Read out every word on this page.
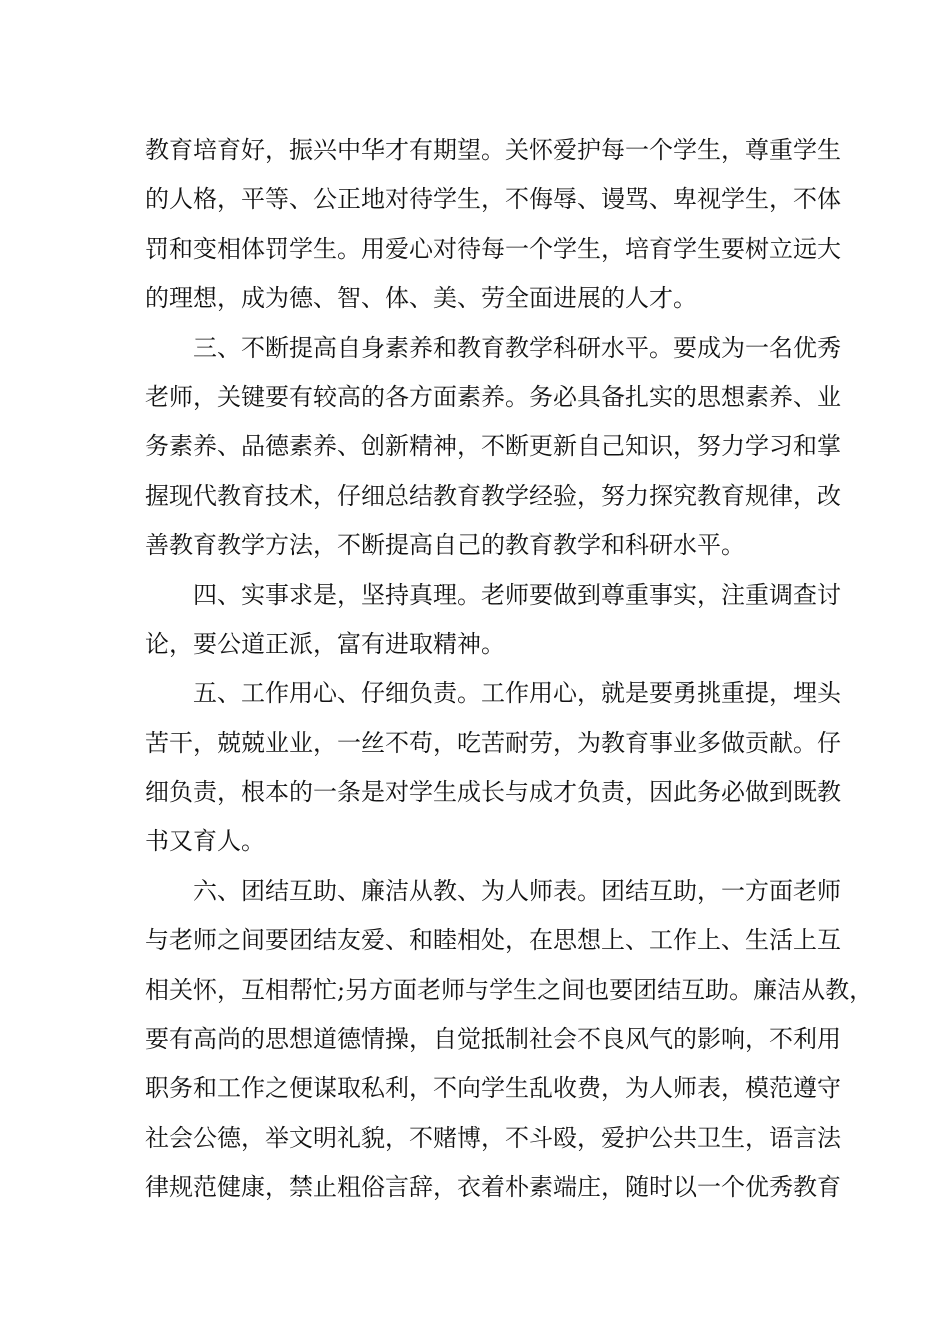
教育培育好，振兴中华才有期望。关怀爱护每一个学生，尊重学生
的人格，平等、公正地对待学生，不侮辱、谩骂、卑视学生，不体
罚和变相体罚学生。用爱心对待每一个学生，培育学生要树立远大
的理想，成为德、智、体、美、劳全面进展的人才。
　　三、不断提高自身素养和教育教学科研水平。要成为一名优秀
老师，关键要有较高的各方面素养。务必具备扎实的思想素养、业
务素养、品德素养、创新精神，不断更新自己知识，努力学习和掌
握现代教育技术，仔细总结教育教学经验，努力探究教育规律，改
善教育教学方法，不断提高自己的教育教学和科研水平。
　　四、实事求是，坚持真理。老师要做到尊重事实，注重调查讨
论，要公道正派，富有进取精神。
　　五、工作用心、仔细负责。工作用心，就是要勇挑重提，埋头
苦干，兢兢业业，一丝不苟，吃苦耐劳，为教育事业多做贡献。仔
细负责，根本的一条是对学生成长与成才负责，因此务必做到既教
书又育人。
　　六、团结互助、廉洁从教、为人师表。团结互助，一方面老师
与老师之间要团结友爱、和睦相处，在思想上、工作上、生活上互
相关怀，互相帮忙;另方面老师与学生之间也要团结互助。廉洁从教，
要有高尚的思想道德情操，自觉抵制社会不良风气的影响，不利用
职务和工作之便谋取私利，不向学生乱收费，为人师表，模范遵守
社会公德，举文明礼貌，不赌博，不斗殴，爱护公共卫生，语言法
律规范健康，禁止粗俗言辞，衣着朴素端庄，随时以一个优秀教育
